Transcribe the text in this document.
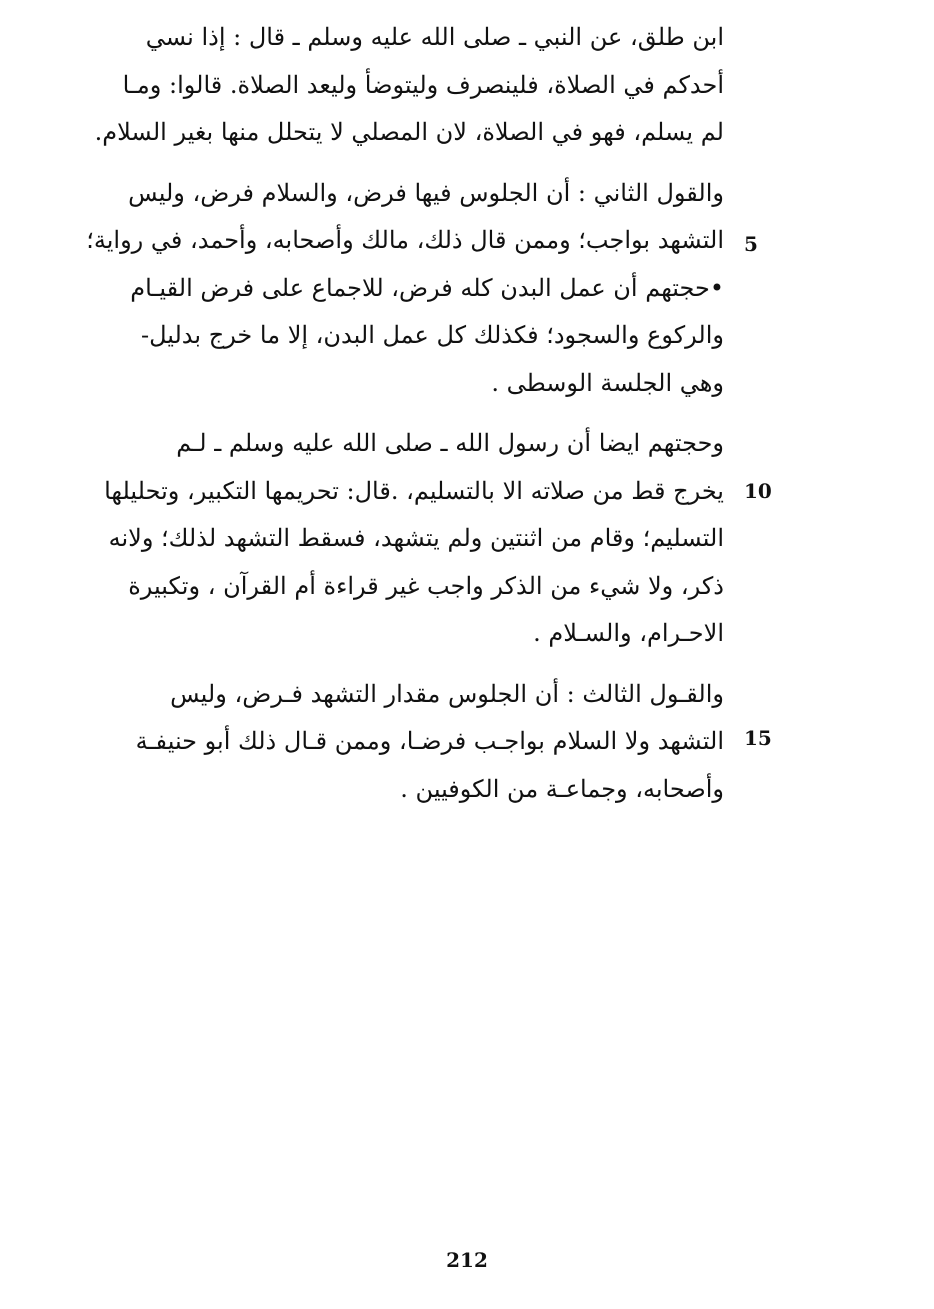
ابن طلق، عن النبي ـ صلى الله عليه وسلم ـ قال : إذا نسي
أحدكم في الصلاة، فلينصرف وليتوضأ وليعد الصلاة. قالوا: ومـا
لم يسلم، فهو في الصلاة، لان المصلي لا يتحلل منها بغير السلام.

والقول الثاني : أن الجلوس فيها فرض، والسلام فرض، وليس
التشهد بواجب؛ وممن قال ذلك، مالك وأصحابه، وأحمد، في رواية؛
•حجتهم أن عمل البدن كله فرض، للاجماع على فرض القيـام
والركوع والسجود؛ فكذلك كل عمل البدن، إلا ما خرج بدليل-
وهي الجلسة الوسطى .

وحجتهم ايضا أن رسول الله ـ صلى الله عليه وسلم ـ لـم
يخرج قط من صلاته الا بالتسليم، .قال: تحريمها التكبير، وتحليلها
التسليم؛ وقام من اثنتين ولم يتشهد، فسقط التشهد لذلك؛ ولانه
ذكر، ولا شيء من الذكر واجب غير قراءة أم القرآن ، وتكبيرة
الاحـرام، والسـلام .

والقـول الثالث : أن الجلوس مقدار التشهد فـرض، وليس
التشهد ولا السلام بواجـب فرضـا، وممن قـال ذلك أبو حنيفـة
وأصحابه، وجماعـة من الكوفيين .

5
10
15
212
